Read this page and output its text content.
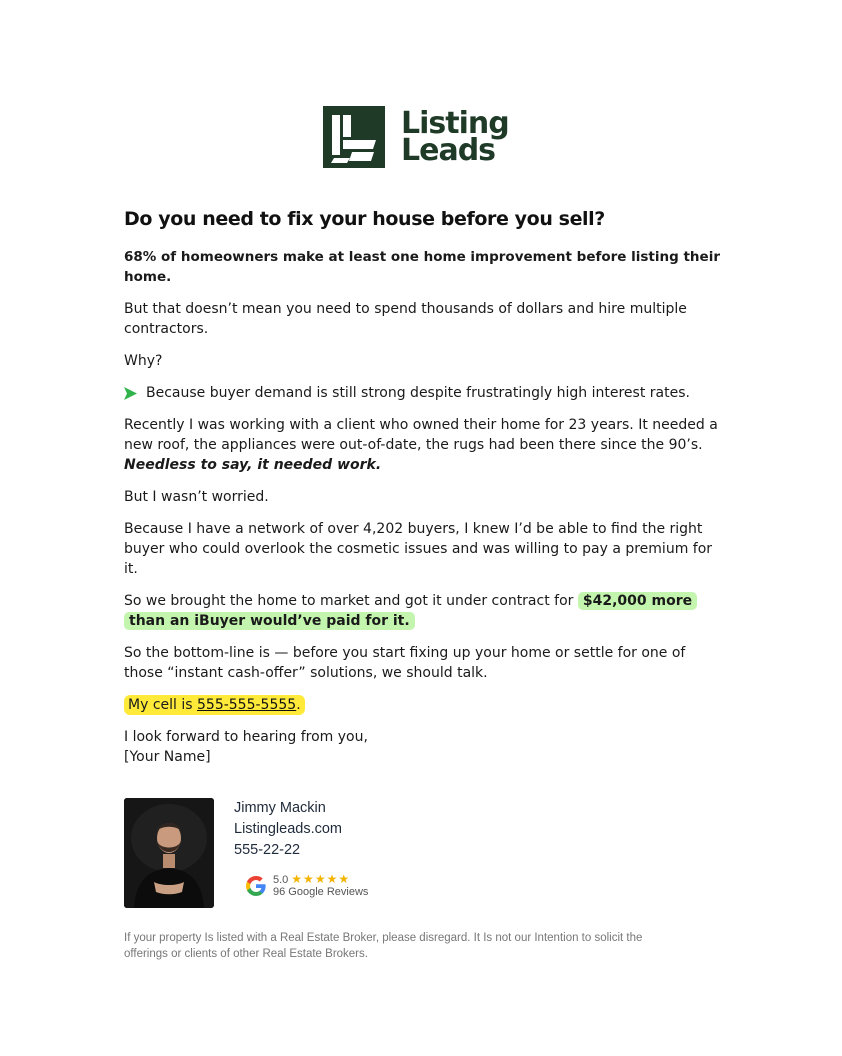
Listing
Leads
Do you need to fix your house before you sell?

68% of homeowners make at least one home improvement before listing their home.

But that doesn’t mean you need to spend thousands of dollars and hire multiple contractors.

Why?

Because buyer demand is still strong despite frustratingly high interest rates.

Recently I was working with a client who owned their home for 23 years. It needed a new roof, the appliances were out-of-date, the rugs had been there since the 90’s. Needless to say, it needed work.

But I wasn’t worried.

Because I have a network of over 4,202 buyers, I knew I’d be able to find the right buyer who could overlook the cosmetic issues and was willing to pay a premium for it.

So we brought the home to market and got it under contract for $42,000 more
than an iBuyer would’ve paid for it.

So the bottom-line is — before you start fixing up your home or settle for one of those “instant cash-offer” solutions, we should talk.

My cell is 555-555-5555.

I look forward to hearing from you,
[Your Name]

Jimmy Mackin
Listingleads.com
555-22-22
5.0 ★★★★★
96 Google Reviews
If your property Is listed with a Real Estate Broker, please disregard. It Is not our Intention to solicit the offerings or clients of other Real Estate Brokers.
